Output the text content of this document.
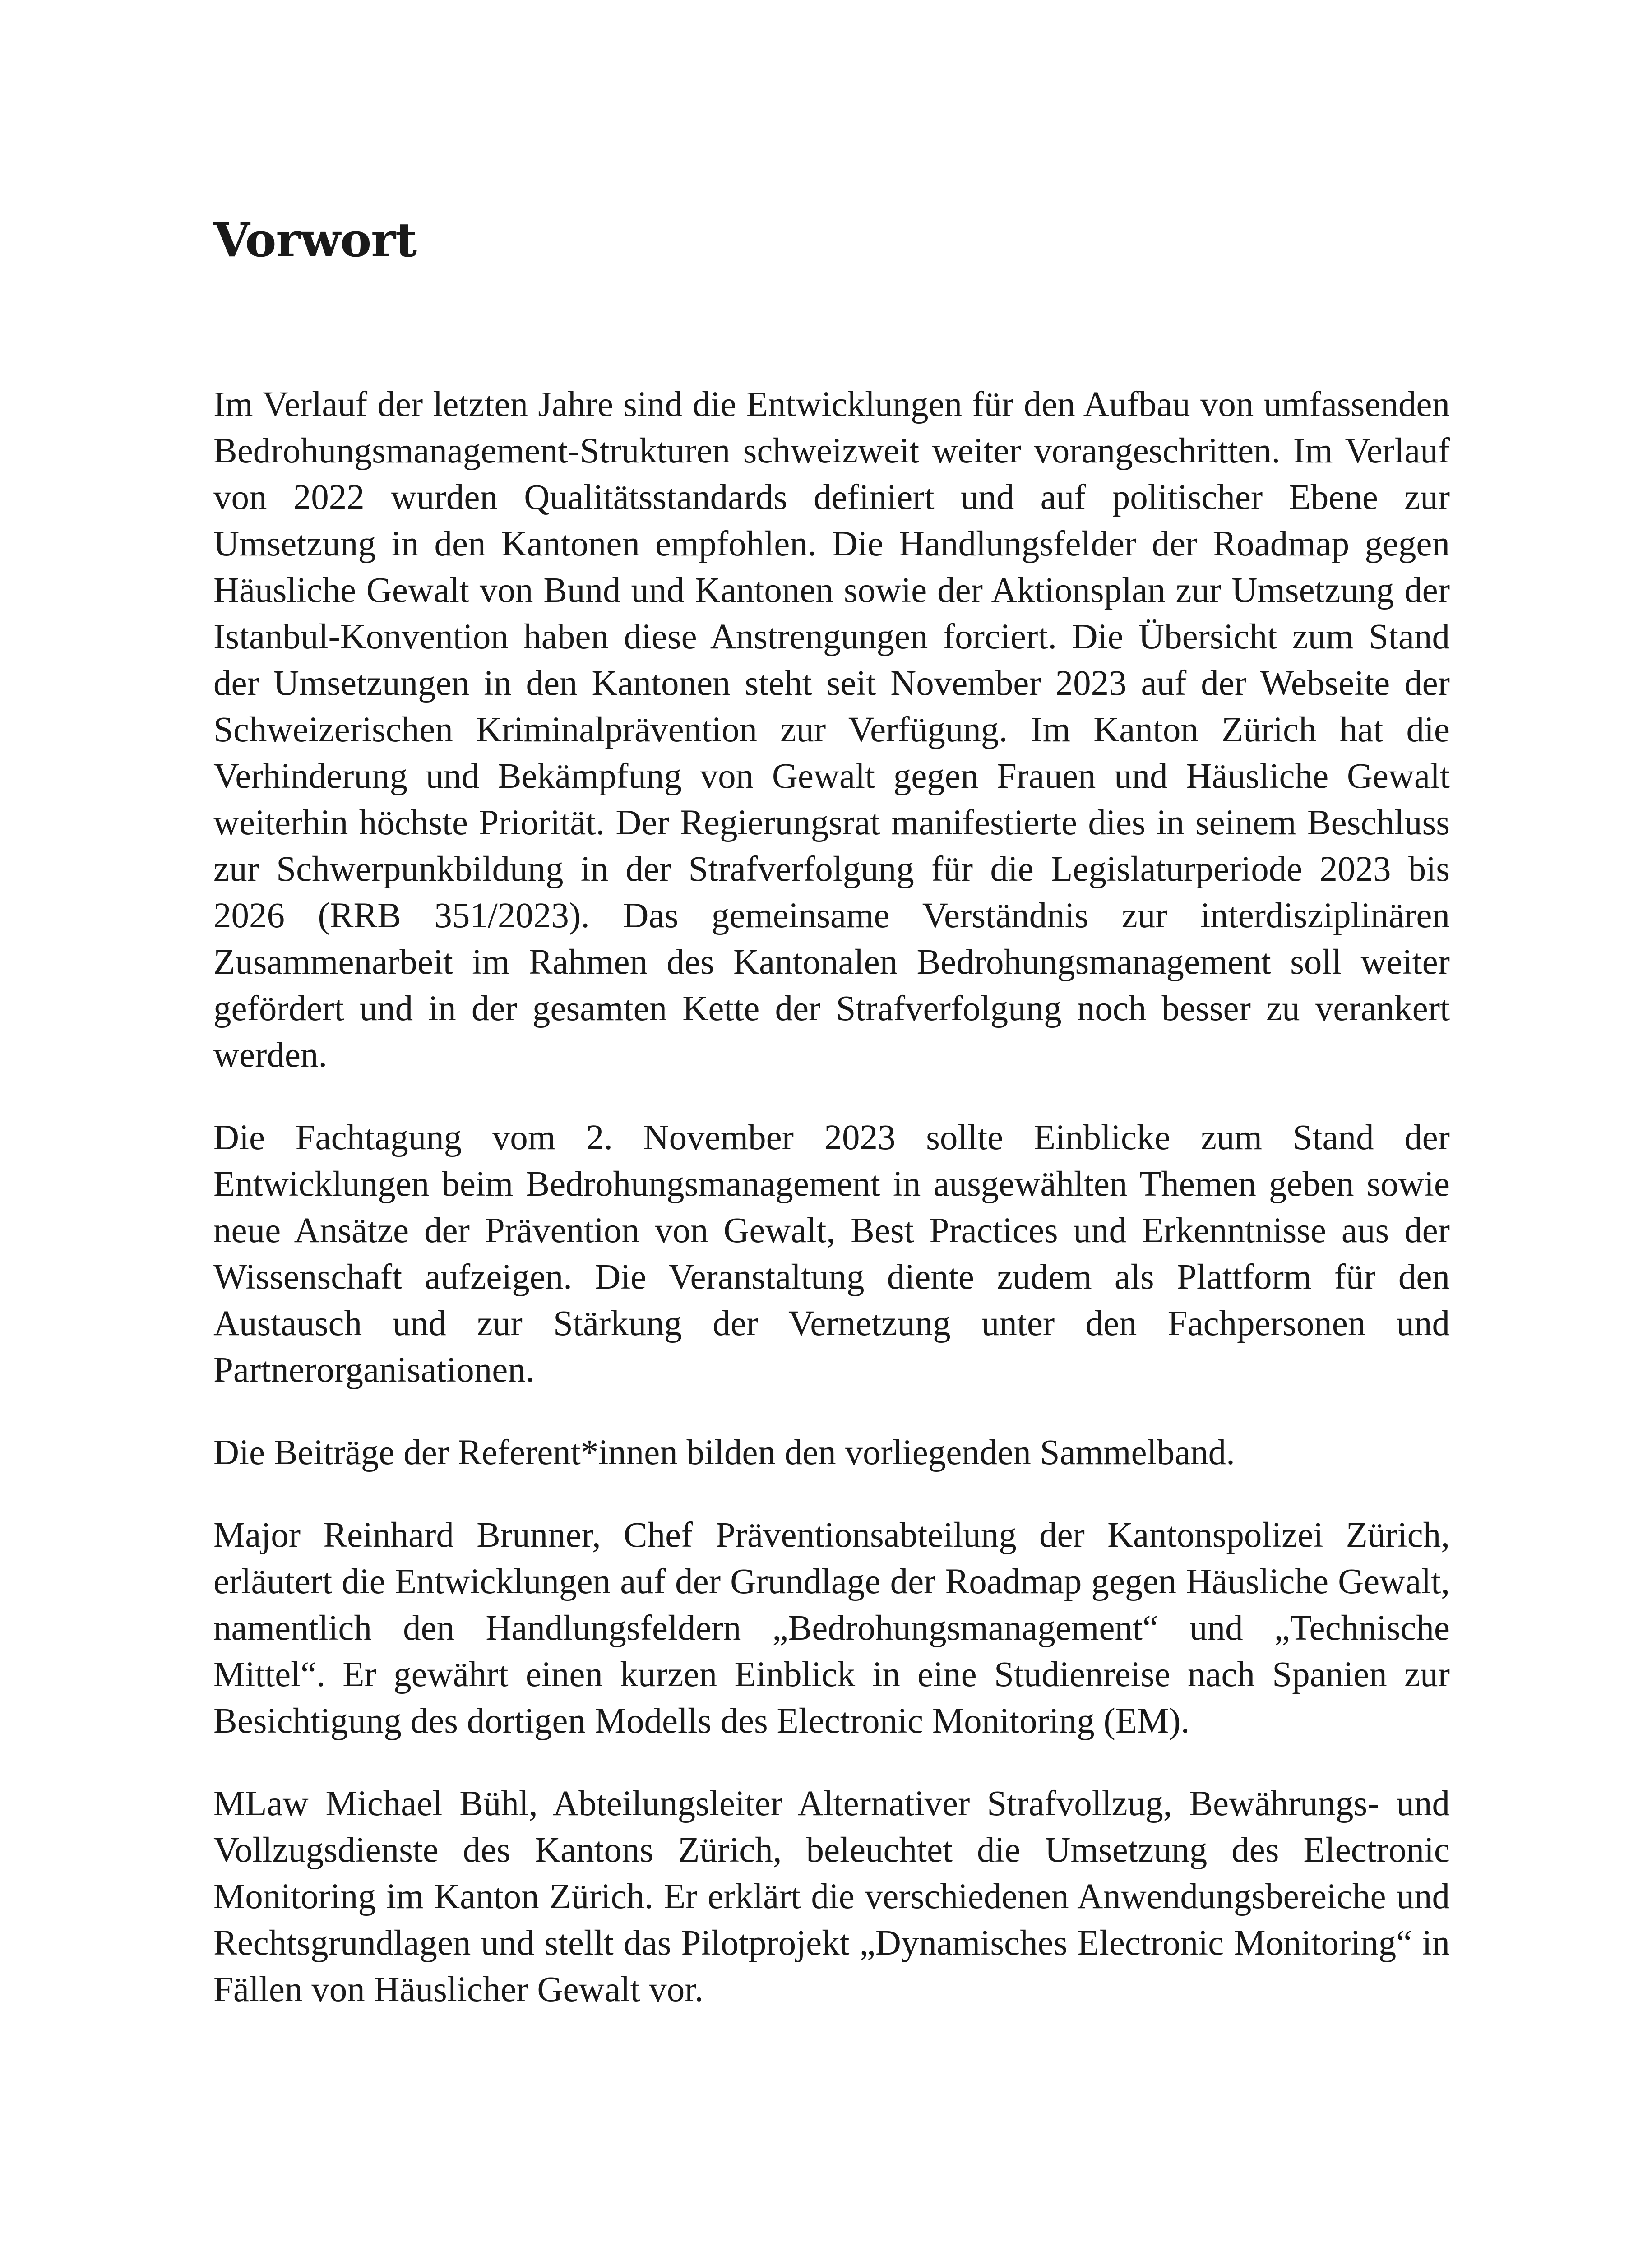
Vorwort

Im Verlauf der letzten Jahre sind die Entwicklungen für den Aufbau von umfassenden Bedrohungsmanagement-Strukturen schweizweit weiter vorangeschritten. Im Verlauf von 2022 wurden Qualitätsstandards definiert und auf politischer Ebene zur Umsetzung in den Kantonen empfohlen. Die Handlungsfelder der Roadmap gegen Häusliche Gewalt von Bund und Kantonen sowie der Aktionsplan zur Umsetzung der Istanbul-Konvention haben diese Anstrengungen forciert. Die Übersicht zum Stand der Umsetzungen in den Kantonen steht seit November 2023 auf der Webseite der Schweizerischen Kriminalprävention zur Verfügung. Im Kanton Zürich hat die Verhinderung und Bekämpfung von Gewalt gegen Frauen und Häusliche Gewalt weiterhin höchste Priorität. Der Regierungsrat manifestierte dies in seinem Beschluss zur Schwerpunkbildung in der Strafverfolgung für die Legislaturperiode 2023 bis 2026 (RRB 351/2023). Das gemeinsame Verständnis zur interdisziplinären Zusammenarbeit im Rahmen des Kantonalen Bedrohungsmanagement soll weiter gefördert und in der gesamten Kette der Strafverfolgung noch besser zu verankert werden.

Die Fachtagung vom 2. November 2023 sollte Einblicke zum Stand der Entwicklungen beim Bedrohungsmanagement in ausgewählten Themen geben sowie neue Ansätze der Prävention von Gewalt, Best Practices und Erkenntnisse aus der Wissenschaft aufzeigen. Die Veranstaltung diente zudem als Plattform für den Austausch und zur Stärkung der Vernetzung unter den Fachpersonen und Partnerorganisationen.

Die Beiträge der Referent*innen bilden den vorliegenden Sammelband.

Major Reinhard Brunner, Chef Präventionsabteilung der Kantonspolizei Zürich, erläutert die Entwicklungen auf der Grundlage der Roadmap gegen Häusliche Gewalt, namentlich den Handlungsfeldern „Bedrohungsmanagement“ und „Technische Mittel“. Er gewährt einen kurzen Einblick in eine Studienreise nach Spanien zur Besichtigung des dortigen Modells des Electronic Monitoring (EM).

MLaw Michael Bühl, Abteilungsleiter Alternativer Strafvollzug, Bewährungs- und Vollzugsdienste des Kantons Zürich, beleuchtet die Umsetzung des Electronic Monitoring im Kanton Zürich. Er erklärt die verschiedenen Anwendungsbereiche und Rechtsgrundlagen und stellt das Pilotprojekt „Dynamisches Electronic Monitoring“ in Fällen von Häuslicher Gewalt vor.
